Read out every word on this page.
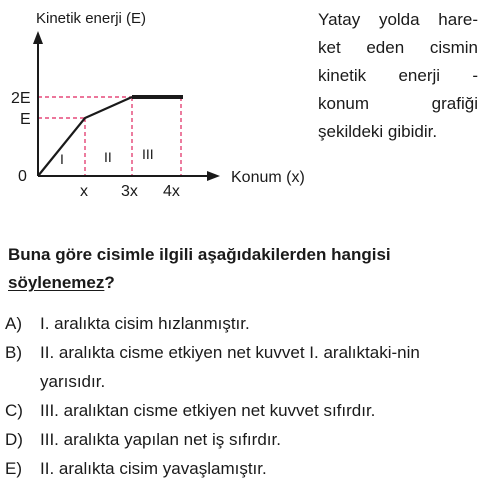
Kinetik enerji (E)
Konum (x)
0
2E
E
x 3x 4x
I	II III
Yatay yolda hare-
ket eden cismin
kinetik enerji -
konum grafiği
şekildeki gibidir.
Buna göre cisimle ilgili aşağıdakilerden hangisi
söylenemez?
A) I. aralıkta cisim hızlanmıştır.
B) II. aralıkta cisme etkiyen net kuvvet I. aralıktaki-nin yarısıdır.
C) III. aralıktan cisme etkiyen net kuvvet sıfırdır.
D) III. aralıkta yapılan net iş sıfırdır.
E) II. aralıkta cisim yavaşlamıştır.
